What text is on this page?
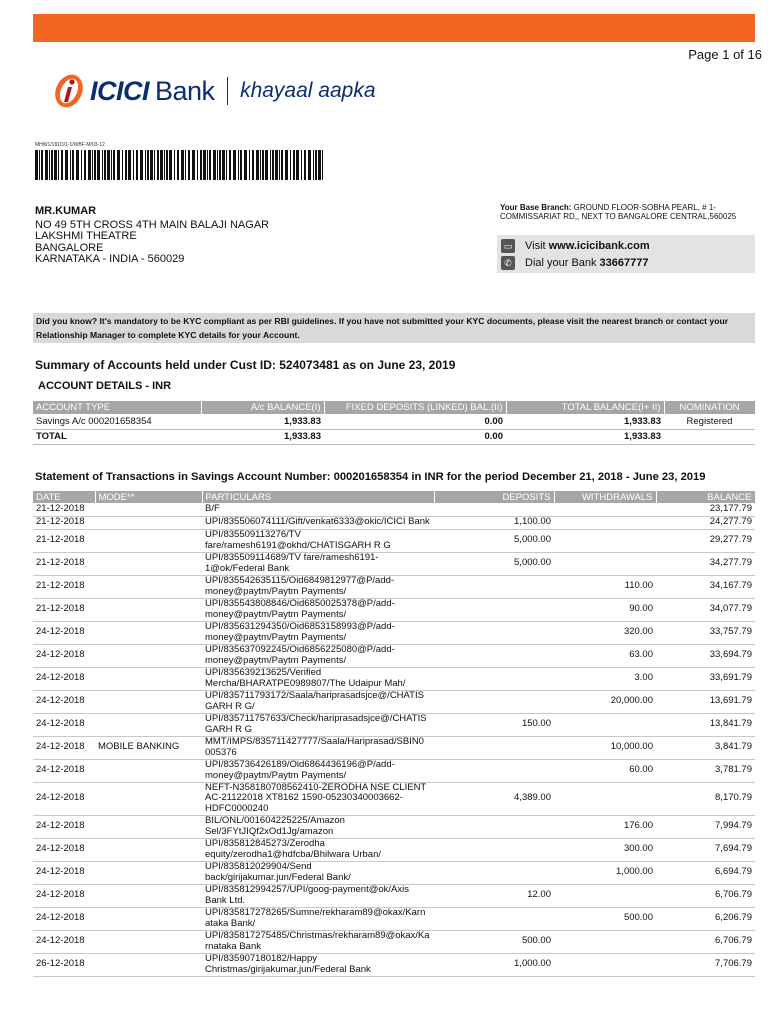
Page 1 of 16
ICICI Bank khayaal aapka
MHW1/181D/1-1/WBF-M/03-12
MR.KUMAR
NO 49 5TH CROSS 4TH MAIN BALAJI NAGAR
LAKSHMI THEATRE
BANGALORE
KARNATAKA - INDIA - 560029
Your Base Branch: GROUND FLOOR-SOBHA PEARL, # 1-COMMISSARIAT RD,, NEXT TO BANGALORE CENTRAL,560025
▭ Visit www.icicibank.com
✆ Dial your Bank 33667777
Did you know? It's mandatory to be KYC compliant as per RBI guidelines. If you have not submitted your KYC documents, please visit the nearest branch or contact your Relationship Manager to complete KYC details for your Account.
Summary of Accounts held under Cust ID: 524073481 as on June 23, 2019
ACCOUNT DETAILS - INR
ACCOUNT TYPE	A/c BALANCE(I)	FIXED DEPOSITS (LINKED) BAL.(II)	TOTAL BALANCE(I+ II)	NOMINATION
Savings A/c 000201658354	1,933.83	0.00	1,933.83	Registered
TOTAL	1,933.83	0.00	1,933.83	
Statement of Transactions in Savings Account Number: 000201658354 in INR for the period December 21, 2018 - June 23, 2019
DATE	MODE**	PARTICULARS	DEPOSITS	WITHDRAWALS	BALANCE
21-12-2018		B/F			23,177.79
21-12-2018		UPI/835506074111/Gift/venkat6333@okic/ICICI Bank	1,100.00		24,277.79
21-12-2018		UPI/835509113276/TV
fare/ramesh6191@okhd/CHATISGARH R G	5,000.00		29,277.79
21-12-2018		UPI/835509114689/TV fare/ramesh6191-
1@ok/Federal Bank	5,000.00		34,277.79
21-12-2018		UPI/835542635115/Oid6849812977@P/add-
money@paytm/Paytm Payments/		110.00	34,167.79
21-12-2018		UPI/835543808846/Oid6850025378@P/add-
money@paytm/Paytm Payments/		90.00	34,077.79
24-12-2018		UPI/835631294350/Oid6853158993@P/add-
money@paytm/Paytm Payments/		320.00	33,757.79
24-12-2018		UPI/835637092245/Oid6856225080@P/add-
money@paytm/Paytm Payments/		63.00	33,694.79
24-12-2018		UPI/835639213625/Verified
Mercha/BHARATPE0989807/The Udaipur Mah/		3.00	33,691.79
24-12-2018		UPI/835711793172/Saala/hariprasadsjce@/CHATIS
GARH R G/		20,000.00	13,691.79
24-12-2018		UPI/835711757633/Check/hariprasadsjce@/CHATIS
GARH R G	150.00		13,841.79
24-12-2018	MOBILE BANKING	MMT/IMPS/835711427777/Saala/Hariprasad/SBIN0
005376		10,000.00	3,841.79
24-12-2018		UPI/835736426189/Oid6864436196@P/add-
money@paytm/Paytm Payments/		60.00	3,781.79
24-12-2018		NEFT-N358180708562410-ZERODHA NSE CLIENT
AC-21122018 XT8162 1590-05230340003662-
HDFC0000240	4,389.00		8,170.79
24-12-2018		BIL/ONL/001604225225/Amazon
Sel/3FYtJIQf2xOd1Jg/amazon		176.00	7,994.79
24-12-2018		UPI/835812845273/Zerodha
equity/zerodha1@hdfcba/Bhilwara Urban/		300.00	7,694.79
24-12-2018		UPI/835812029904/Send
back/girijakumar.jun/Federal Bank/		1,000.00	6,694.79
24-12-2018		UPI/835812994257/UPI/goog-payment@ok/Axis
Bank Ltd.	12.00		6,706.79
24-12-2018		UPI/835817278265/Sumne/rekharam89@okax/Karn
ataka Bank/		500.00	6,206.79
24-12-2018		UPI/835817275485/Christmas/rekharam89@okax/Ka
rnataka Bank	500.00		6,706.79
26-12-2018		UPI/835907180182/Happy
Christmas/girijakumar.jun/Federal Bank	1,000.00		7,706.79
